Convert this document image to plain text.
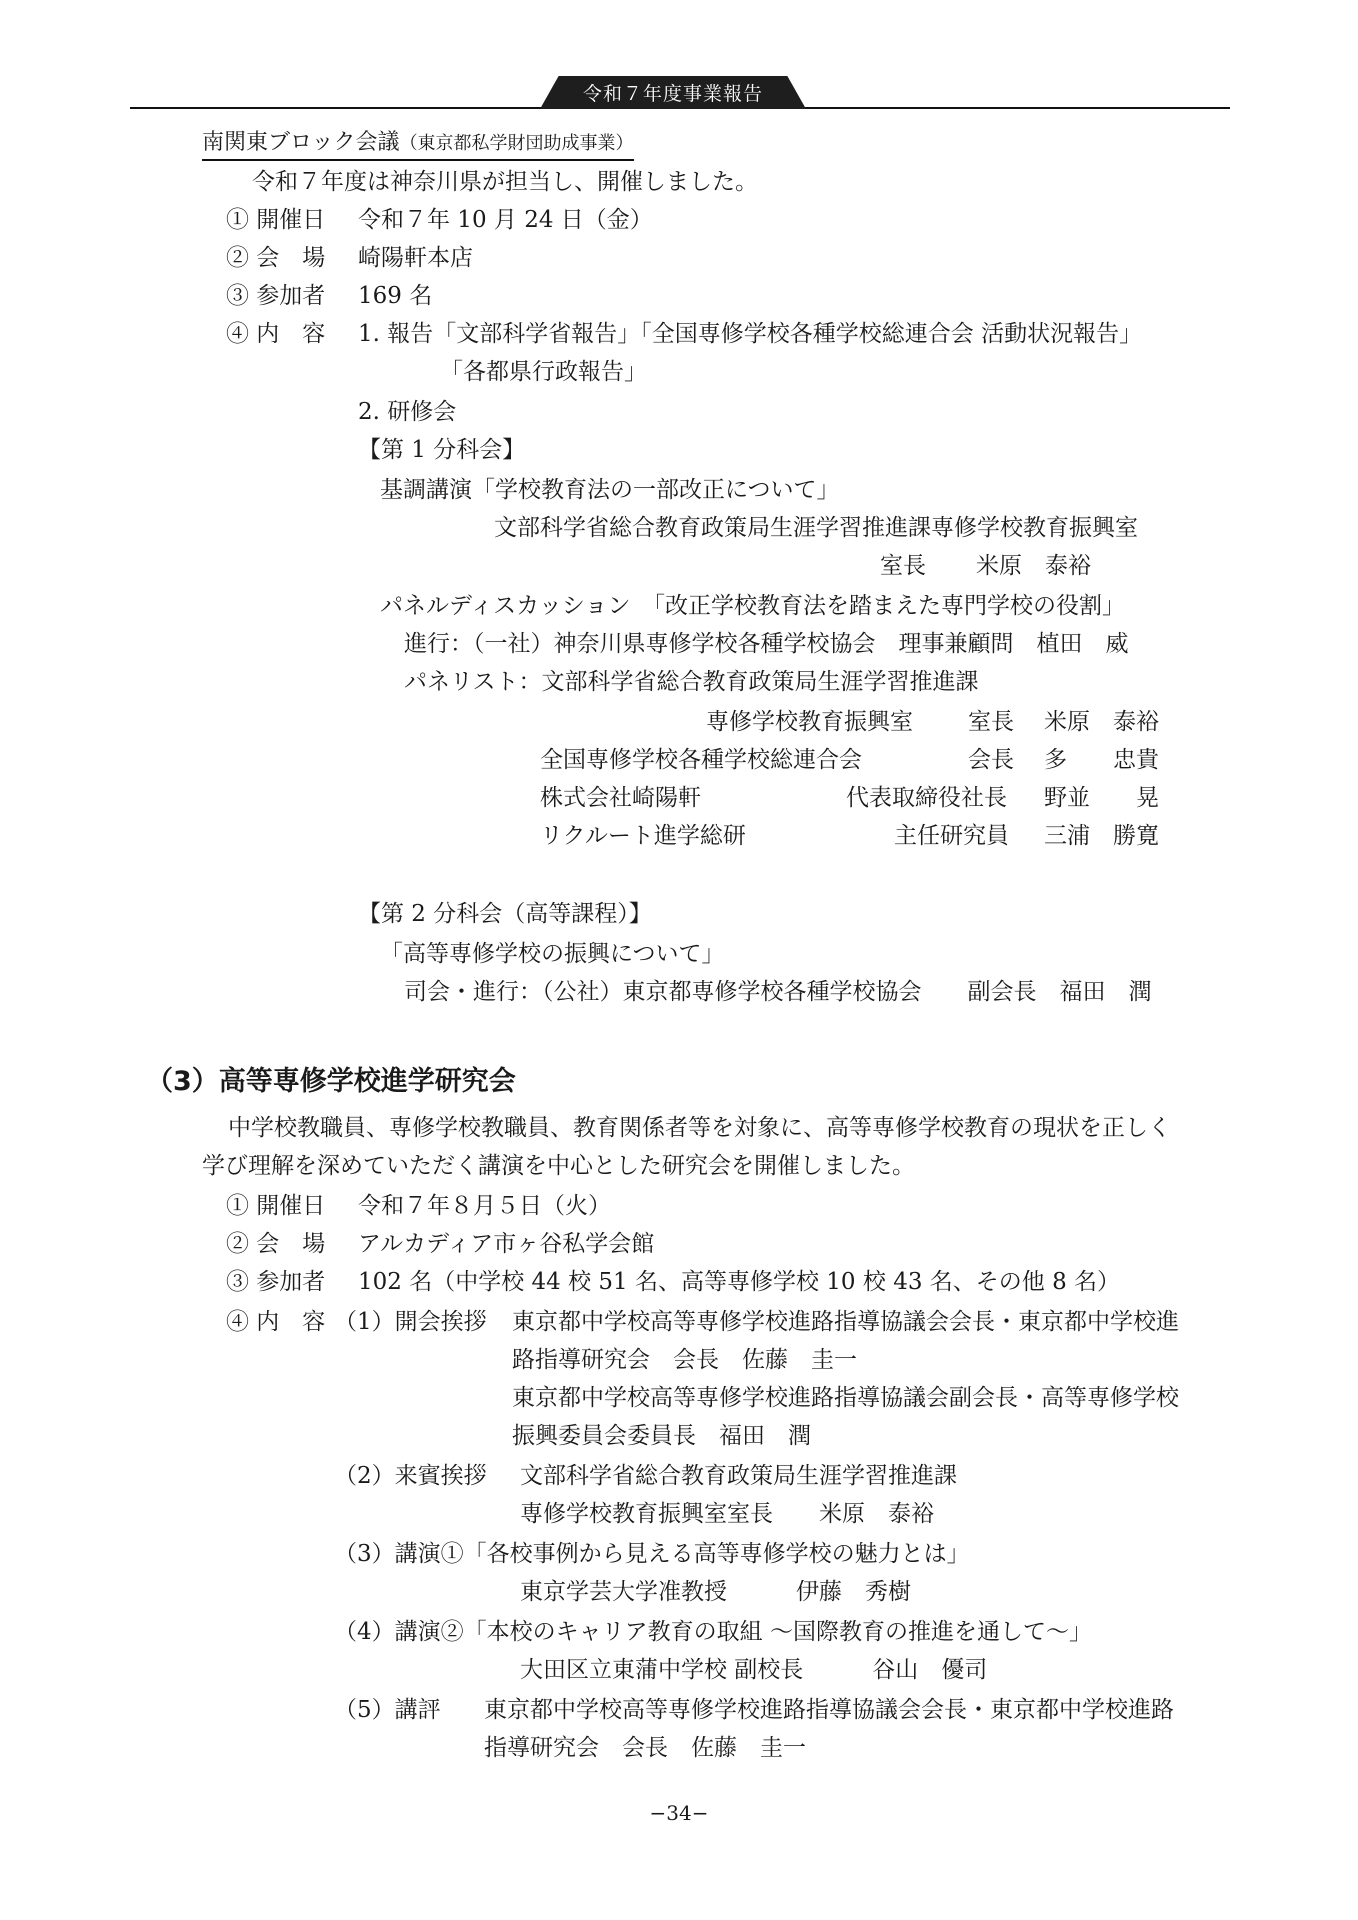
令和７年度事業報告
南関東ブロック会議（東京都私学財団助成事業）
令和７年度は神奈川県が担当し、開催しました。
① 開催日 令和７年 10 月 24 日（金）
② 会　場 崎陽軒本店
③ 参加者 169 名
④ 内　容 1. 報告「文部科学省報告」「全国専修学校各種学校総連合会 活動状況報告」
「各都県行政報告」
2. 研修会
【第 1 分科会】
基調講演「学校教育法の一部改正について」
文部科学省総合教育政策局生涯学習推進課専修学校教育振興室
室長 米原　泰裕
パネルディスカッション　「改正学校教育法を踏まえた専門学校の役割」
進行：（一社）神奈川県専修学校各種学校協会　理事兼顧問　植田　威
パネリスト：文部科学省総合教育政策局生涯学習推進課
専修学校教育振興室 室長 米原　泰裕
全国専修学校各種学校総連合会	会長 多　　忠貴
株式会社崎陽軒	代表取締役社長 野並　　晃
リクルート進学総研	主任研究員 三浦　勝寛
【第 2 分科会（高等課程）】
「高等専修学校の振興について」
司会・進行：（公社）東京都専修学校各種学校協会　　副会長　福田　潤
（3）高等専修学校進学研究会
中学校教職員、専修学校教職員、教育関係者等を対象に、高等専修学校教育の現状を正しく
学び理解を深めていただく講演を中心とした研究会を開催しました。
① 開催日 令和７年８月５日（火）
② 会　場 アルカディア市ヶ谷私学会館
③ 参加者 102 名（中学校 44 校 51 名、高等専修学校 10 校 43 名、その他 8 名）
④ 内　容 （1）開会挨拶 東京都中学校高等専修学校進路指導協議会会長・東京都中学校進
路指導研究会　会長　佐藤　圭一
東京都中学校高等専修学校進路指導協議会副会長・高等専修学校
振興委員会委員長　福田　潤
（2）来賓挨拶 文部科学省総合教育政策局生涯学習推進課
専修学校教育振興室室長　　米原　泰裕
（3）講演①「各校事例から見える高等専修学校の魅力とは」
東京学芸大学准教授　　　伊藤　秀樹
（4）講演②「本校のキャリア教育の取組 〜国際教育の推進を通して〜」
大田区立東蒲中学校 副校長　　　谷山　優司
（5）講評 東京都中学校高等専修学校進路指導協議会会長・東京都中学校進路
指導研究会　会長　佐藤　圭一
−34−
